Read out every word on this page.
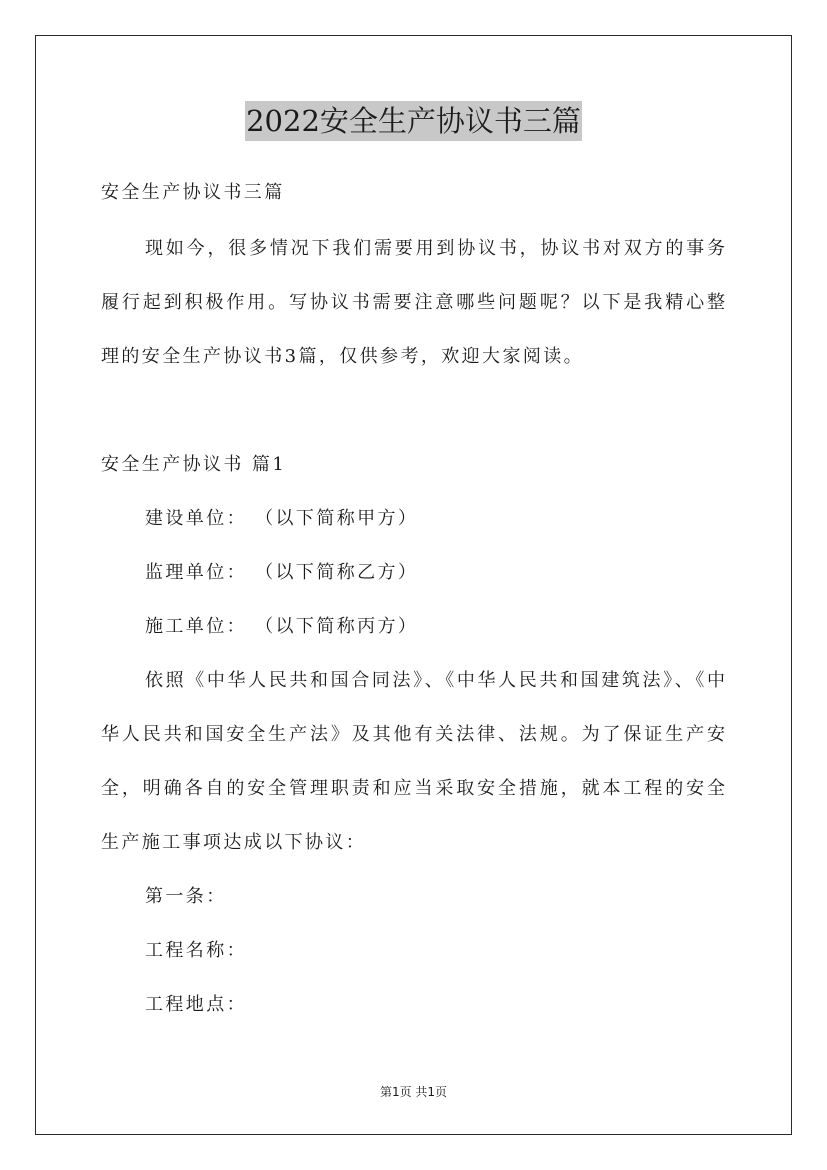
2022安全生产协议书三篇
安全生产协议书三篇
现如今，很多情况下我们需要用到协议书，协议书对双方的事务
履行起到积极作用。写协议书需要注意哪些问题呢？以下是我精心整
理的安全生产协议书3篇，仅供参考，欢迎大家阅读。
安全生产协议书 篇1
建设单位： （以下简称甲方）
监理单位： （以下简称乙方）
施工单位： （以下简称丙方）
依照《中华人民共和国合同法》、《中华人民共和国建筑法》、《中
华人民共和国安全生产法》及其他有关法律、法规。为了保证生产安
全，明确各自的安全管理职责和应当采取安全措施，就本工程的安全
生产施工事项达成以下协议：
第一条：
工程名称：
工程地点：
第1页 共1页
